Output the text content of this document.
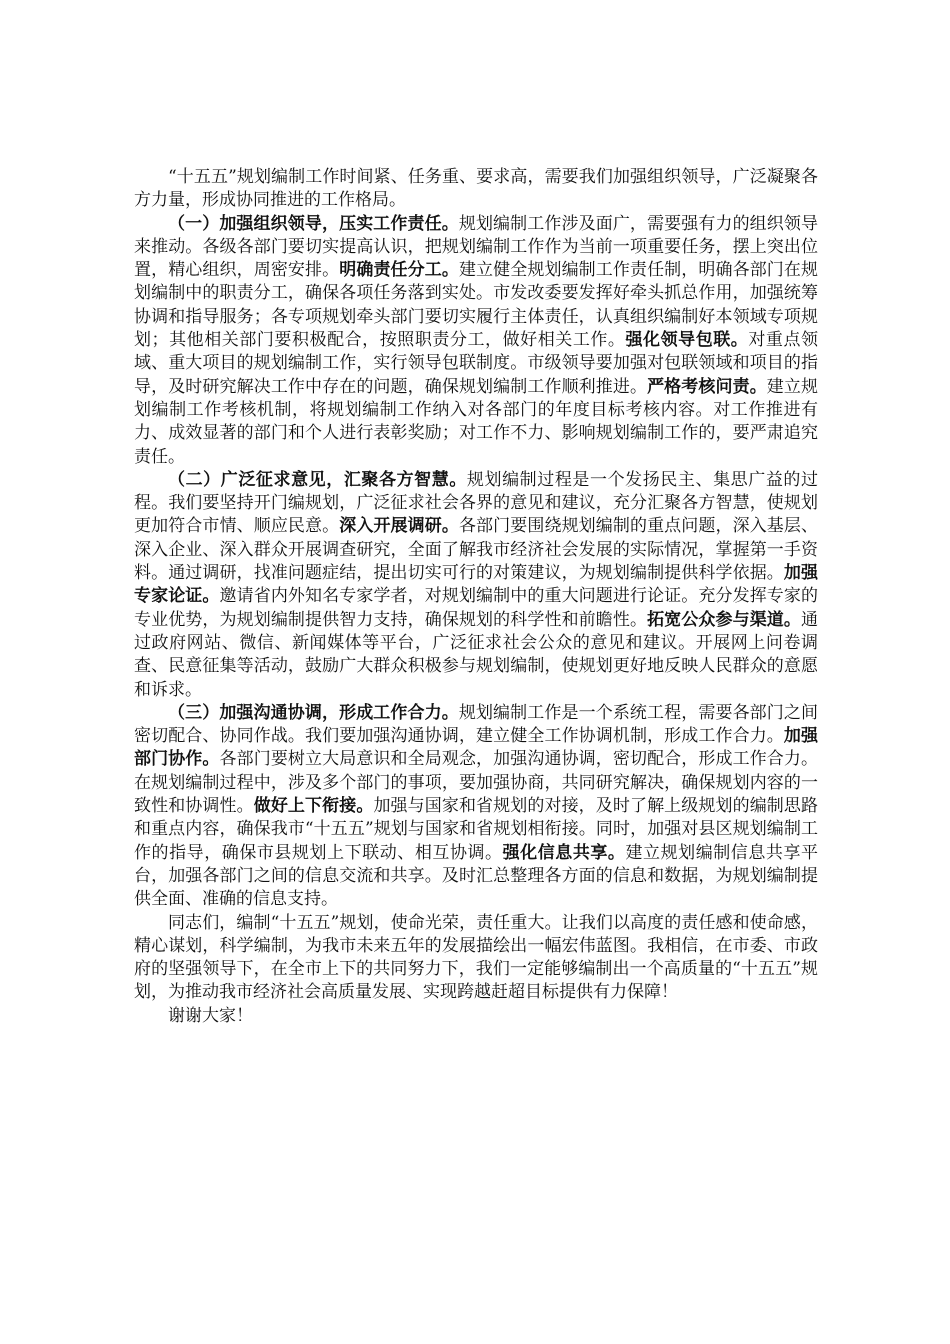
“十五五”规划编制工作时间紧、任务重、要求高，需要我们加强组织领导，广泛凝聚各方力量，形成协同推进的工作格局。

（一）加强组织领导，压实工作责任。规划编制工作涉及面广，需要强有力的组织领导来推动。各级各部门要切实提高认识，把规划编制工作作为当前一项重要任务，摆上突出位置，精心组织，周密安排。明确责任分工。建立健全规划编制工作责任制，明确各部门在规划编制中的职责分工，确保各项任务落到实处。市发改委要发挥好牵头抓总作用，加强统筹协调和指导服务；各专项规划牵头部门要切实履行主体责任，认真组织编制好本领域专项规划；其他相关部门要积极配合，按照职责分工，做好相关工作。强化领导包联。对重点领域、重大项目的规划编制工作，实行领导包联制度。市级领导要加强对包联领域和项目的指导，及时研究解决工作中存在的问题，确保规划编制工作顺利推进。严格考核问责。建立规划编制工作考核机制，将规划编制工作纳入对各部门的年度目标考核内容。对工作推进有力、成效显著的部门和个人进行表彰奖励；对工作不力、影响规划编制工作的，要严肃追究责任。

（二）广泛征求意见，汇聚各方智慧。规划编制过程是一个发扬民主、集思广益的过程。我们要坚持开门编规划，广泛征求社会各界的意见和建议，充分汇聚各方智慧，使规划更加符合市情、顺应民意。深入开展调研。各部门要围绕规划编制的重点问题，深入基层、深入企业、深入群众开展调查研究，全面了解我市经济社会发展的实际情况，掌握第一手资料。通过调研，找准问题症结，提出切实可行的对策建议，为规划编制提供科学依据。加强专家论证。邀请省内外知名专家学者，对规划编制中的重大问题进行论证。充分发挥专家的专业优势，为规划编制提供智力支持，确保规划的科学性和前瞻性。拓宽公众参与渠道。通过政府网站、微信、新闻媒体等平台，广泛征求社会公众的意见和建议。开展网上问卷调查、民意征集等活动，鼓励广大群众积极参与规划编制，使规划更好地反映人民群众的意愿和诉求。

（三）加强沟通协调，形成工作合力。规划编制工作是一个系统工程，需要各部门之间密切配合、协同作战。我们要加强沟通协调，建立健全工作协调机制，形成工作合力。加强部门协作。各部门要树立大局意识和全局观念，加强沟通协调，密切配合，形成工作合力。在规划编制过程中，涉及多个部门的事项，要加强协商，共同研究解决，确保规划内容的一致性和协调性。做好上下衔接。加强与国家和省规划的对接，及时了解上级规划的编制思路和重点内容，确保我市“十五五”规划与国家和省规划相衔接。同时，加强对县区规划编制工作的指导，确保市县规划上下联动、相互协调。强化信息共享。建立规划编制信息共享平台，加强各部门之间的信息交流和共享。及时汇总整理各方面的信息和数据，为规划编制提供全面、准确的信息支持。

同志们，编制“十五五”规划，使命光荣，责任重大。让我们以高度的责任感和使命感，精心谋划，科学编制，为我市未来五年的发展描绘出一幅宏伟蓝图。我相信，在市委、市政府的坚强领导下，在全市上下的共同努力下，我们一定能够编制出一个高质量的“十五五”规划，为推动我市经济社会高质量发展、实现跨越赶超目标提供有力保障！

谢谢大家！
